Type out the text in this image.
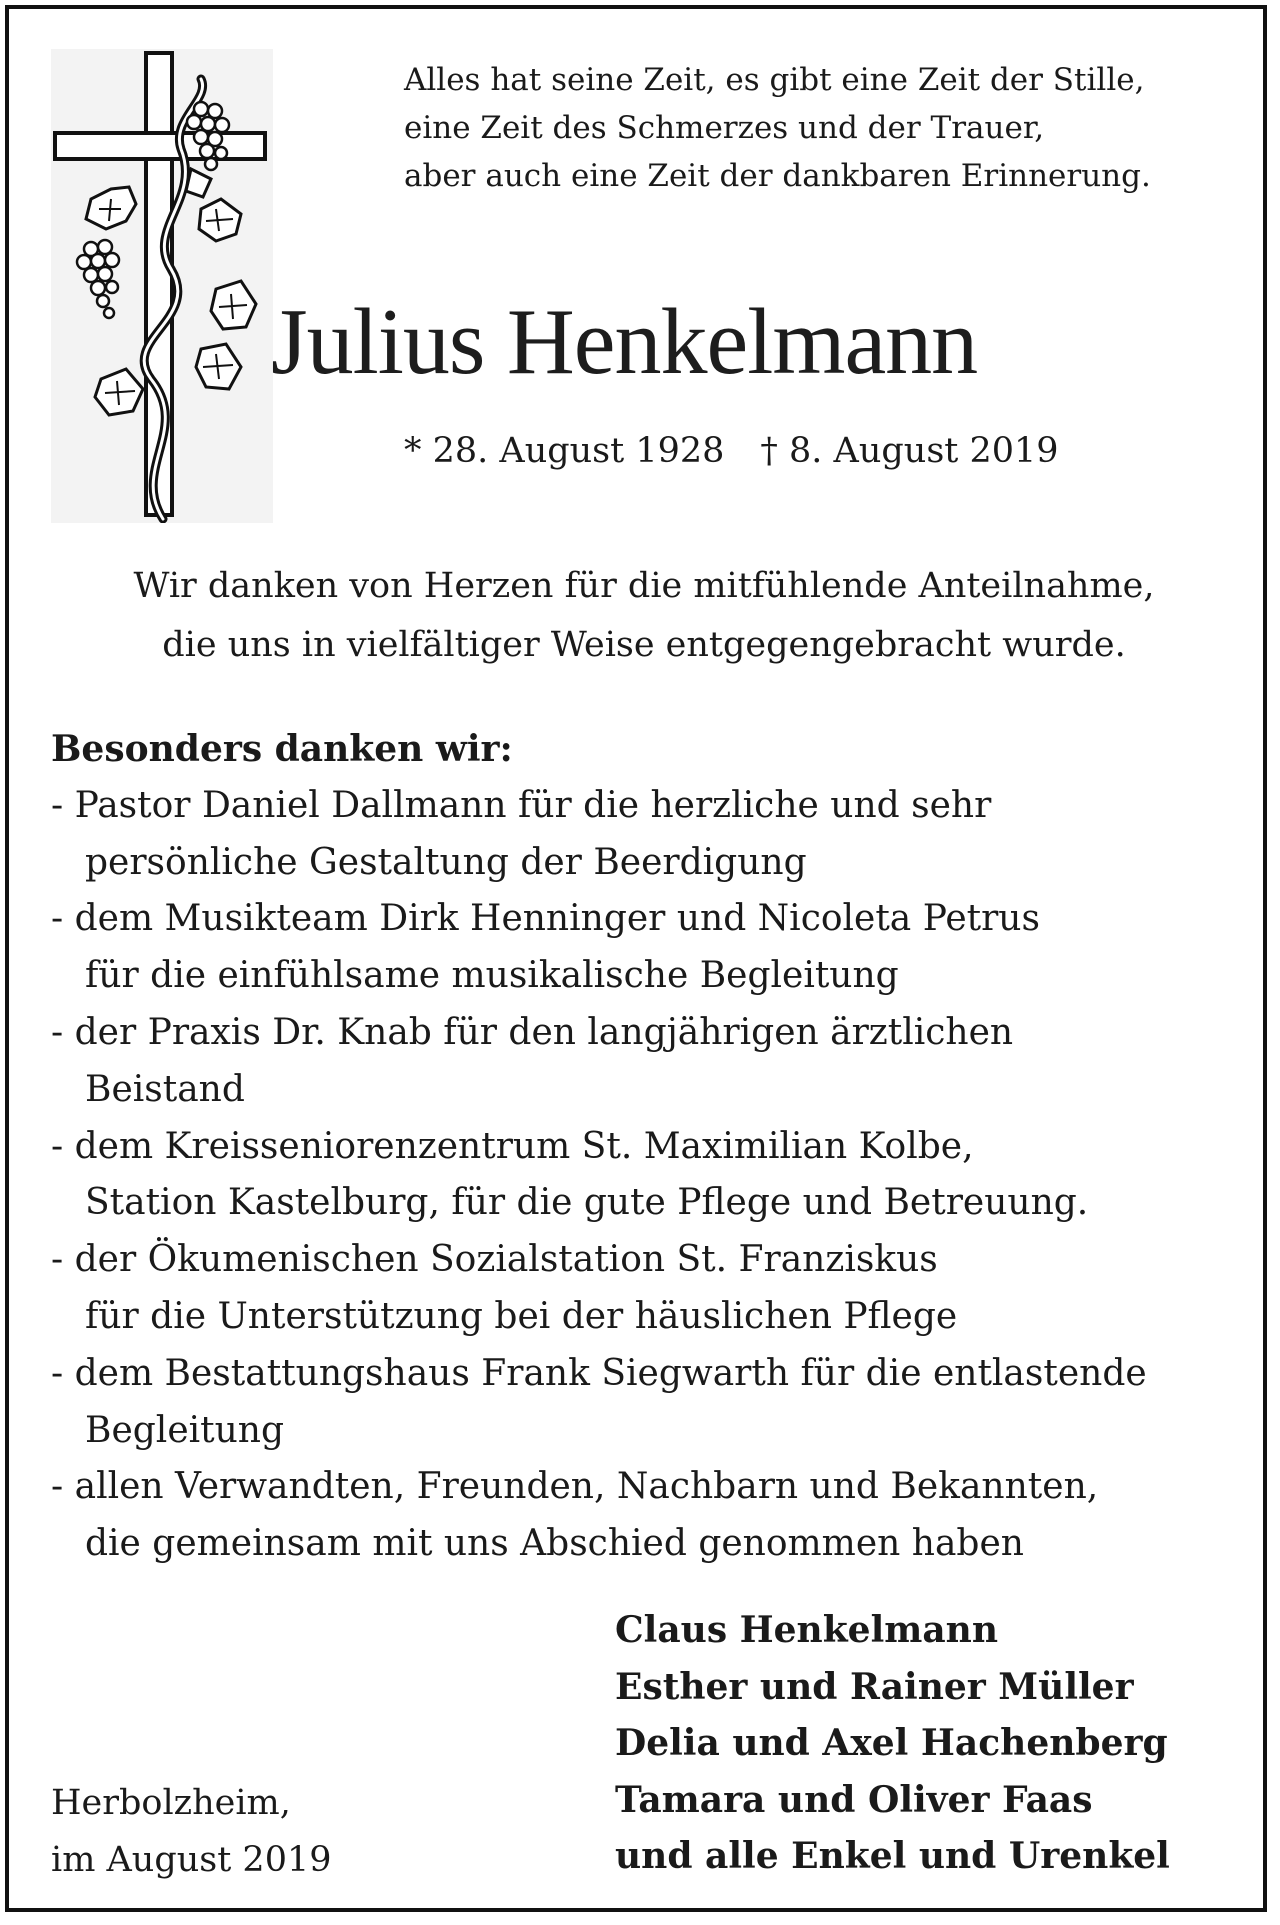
Alles hat seine Zeit, es gibt eine Zeit der Stille,
eine Zeit des Schmerzes und der Trauer,
aber auch eine Zeit der dankbaren Erinnerung.
Julius Henkelmann
* 28. August 1928 † 8. August 2019
Wir danken von Herzen für die mitfühlende Anteilnahme,
die uns in vielfältiger Weise entgegengebracht wurde.
Besonders danken wir:
- Pastor Daniel Dallmann für die herzliche und sehr
persönliche Gestaltung der Beerdigung
- dem Musikteam Dirk Henninger und Nicoleta Petrus
für die einfühlsame musikalische Begleitung
- der Praxis Dr. Knab für den langjährigen ärztlichen
Beistand
- dem Kreisseniorenzentrum St. Maximilian Kolbe,
Station Kastelburg, für die gute Pflege und Betreuung.
- der Ökumenischen Sozialstation St. Franziskus
für die Unterstützung bei der häuslichen Pflege
- dem Bestattungshaus Frank Siegwarth für die entlastende
Begleitung
- allen Verwandten, Freunden, Nachbarn und Bekannten,
die gemeinsam mit uns Abschied genommen haben
Herbolzheim,
im August 2019
Claus Henkelmann
Esther und Rainer Müller
Delia und Axel Hachenberg
Tamara und Oliver Faas
und alle Enkel und Urenkel
